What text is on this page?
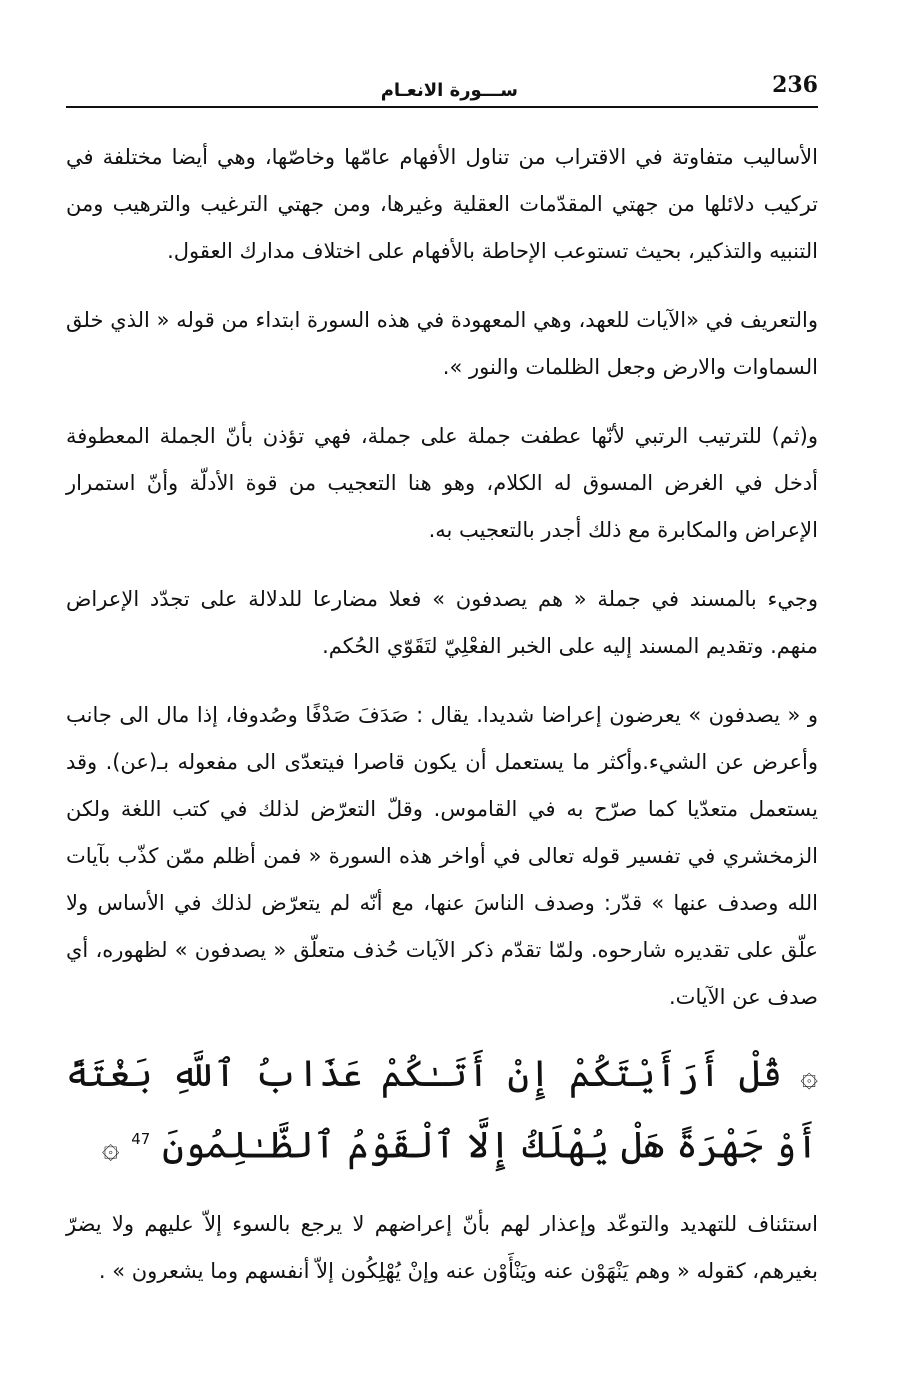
236
ســـورة الانعـام

الأساليب متفاوتة في الاقتراب من تناول الأفهام عامّها وخاصّها، وهي أيضا مختلفة في تركيب دلائلها من جهتي المقدّمات العقلية وغيرها، ومن جهتي الترغيب والترهيب ومن التنبيه والتذكير، بحيث تستوعب الإحاطة بالأفهام على اختلاف مدارك العقول.

والتعريف في «الآيات للعهد، وهي المعهودة في هذه السورة ابتداء من قوله « الذي خلق السماوات والارض وجعل الظلمات والنور ».

و(ثم) للترتيب الرتبي لأنّها عطفت جملة على جملة، فهي تؤذن بأنّ الجملة المعطوفة أدخل في الغرض المسوق له الكلام، وهو هنا التعجيب من قوة الأدلّة وأنّ استمرار الإعراض والمكابرة مع ذلك أجدر بالتعجيب به.

وجيء بالمسند في جملة « هم يصدفون » فعلا مضارعا للدلالة على تجدّد الإعراض منهم. وتقديم المسند إليه على الخبر الفعْلِيّ لتَقَوّي الحُكم.

و « يصدفون » يعرضون إعراضا شديدا. يقال : صَدَفَ صَدْفًا وصُدوفا، إذا مال الى جانب وأعرض عن الشيء.وأكثر ما يستعمل أن يكون قاصرا فيتعدّى الى مفعوله بـ(عن). وقد يستعمل متعدّيا كما صرّح به في القاموس. وقلّ التعرّض لذلك في كتب اللغة ولكن الزمخشري في تفسير قوله تعالى في أواخر هذه السورة « فمن أظلم ممّن كذّب بآيات الله وصدف عنها » قدّر: وصدف الناسَ عنها، مع أنّه لم يتعرّض لذلك في الأساس ولا علّق على تقديره شارحوه. ولمّا تقدّم ذكر الآيات حُذف متعلّق « يصدفون » لظهوره، أي صدف عن الآيات.

۞ قُلْ أَرَأَيْتَكُمْ إِنْ أَتَـٰكُمْ عَذَابُ ٱللَّهِ بَغْتَةً أَوْ جَهْرَةً هَلْ يُهْلَكُ إِلَّا ٱلْقَوْمُ ٱلظَّـٰلِمُونَ $^{47}$ ۞

استئناف للتهديد والتوعّد وإعذار لهم بأنّ إعراضهم لا يرجع بالسوء إلاّ عليهم ولا يضرّ بغيرهم، كقوله « وهم يَنْهَوْن عنه ويَنْأَوْن عنه وإنْ يُهْلِكُون إلاّ أنفسهم وما يشعرون » .
